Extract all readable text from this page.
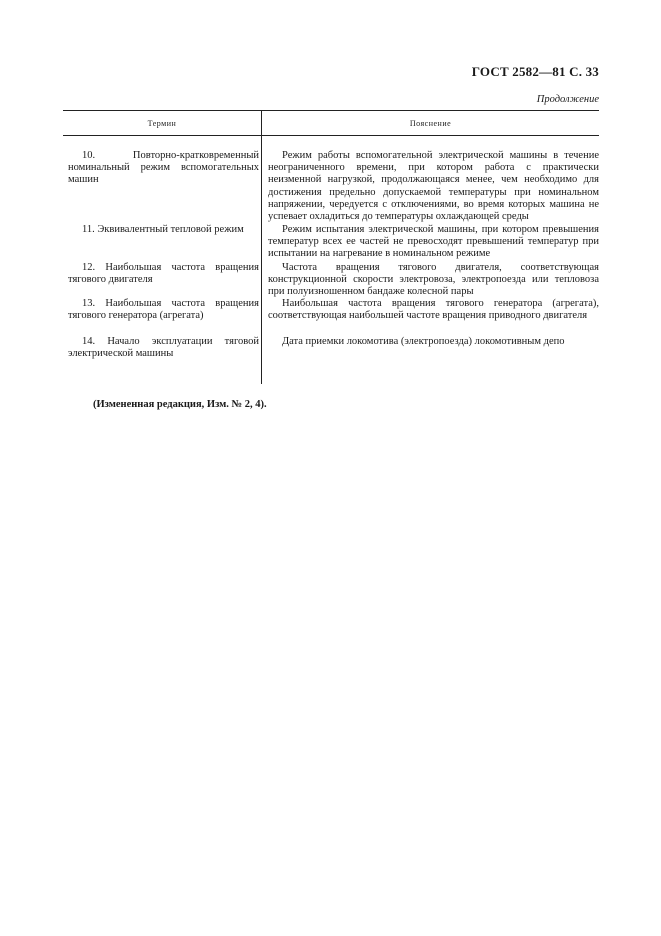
ГОСТ 2582—81 С. 33
Продолжение
Термин	Пояснение
10. Повторно-кратковременный номинальный режим вспомогательных машин
Режим работы вспомогательной электрической машины в течение неограниченного времени, при котором работа с практически неизменной нагрузкой, продолжающаяся менее, чем необходимо для достижения предельно допускаемой температуры при номинальном напряжении, чередуется с отключениями, во время которых машина не успевает охладиться до температуры охлаждающей среды
11. Эквивалентный тепловой режим	Режим испытания электрической машины, при котором превышения температур всех ее частей не превосходят превышений температур при испытании на нагревание в номинальном режиме
12. Наибольшая частота вращения тягового двигателя
Частота вращения тягового двигателя, соответствующая конструкционной скорости электровоза, электропоезда или тепловоза при полуизношенном бандаже колесной пары
13. Наибольшая частота вращения тягового генератора (агрегата)
Наибольшая частота вращения тягового генератора (агрегата), соответствующая наибольшей частоте вращения приводного двигателя
14. Начало эксплуатации тяговой электрической машины
Дата приемки локомотива (электропоезда) локомотивным депо
(Измененная редакция, Изм. № 2, 4).
